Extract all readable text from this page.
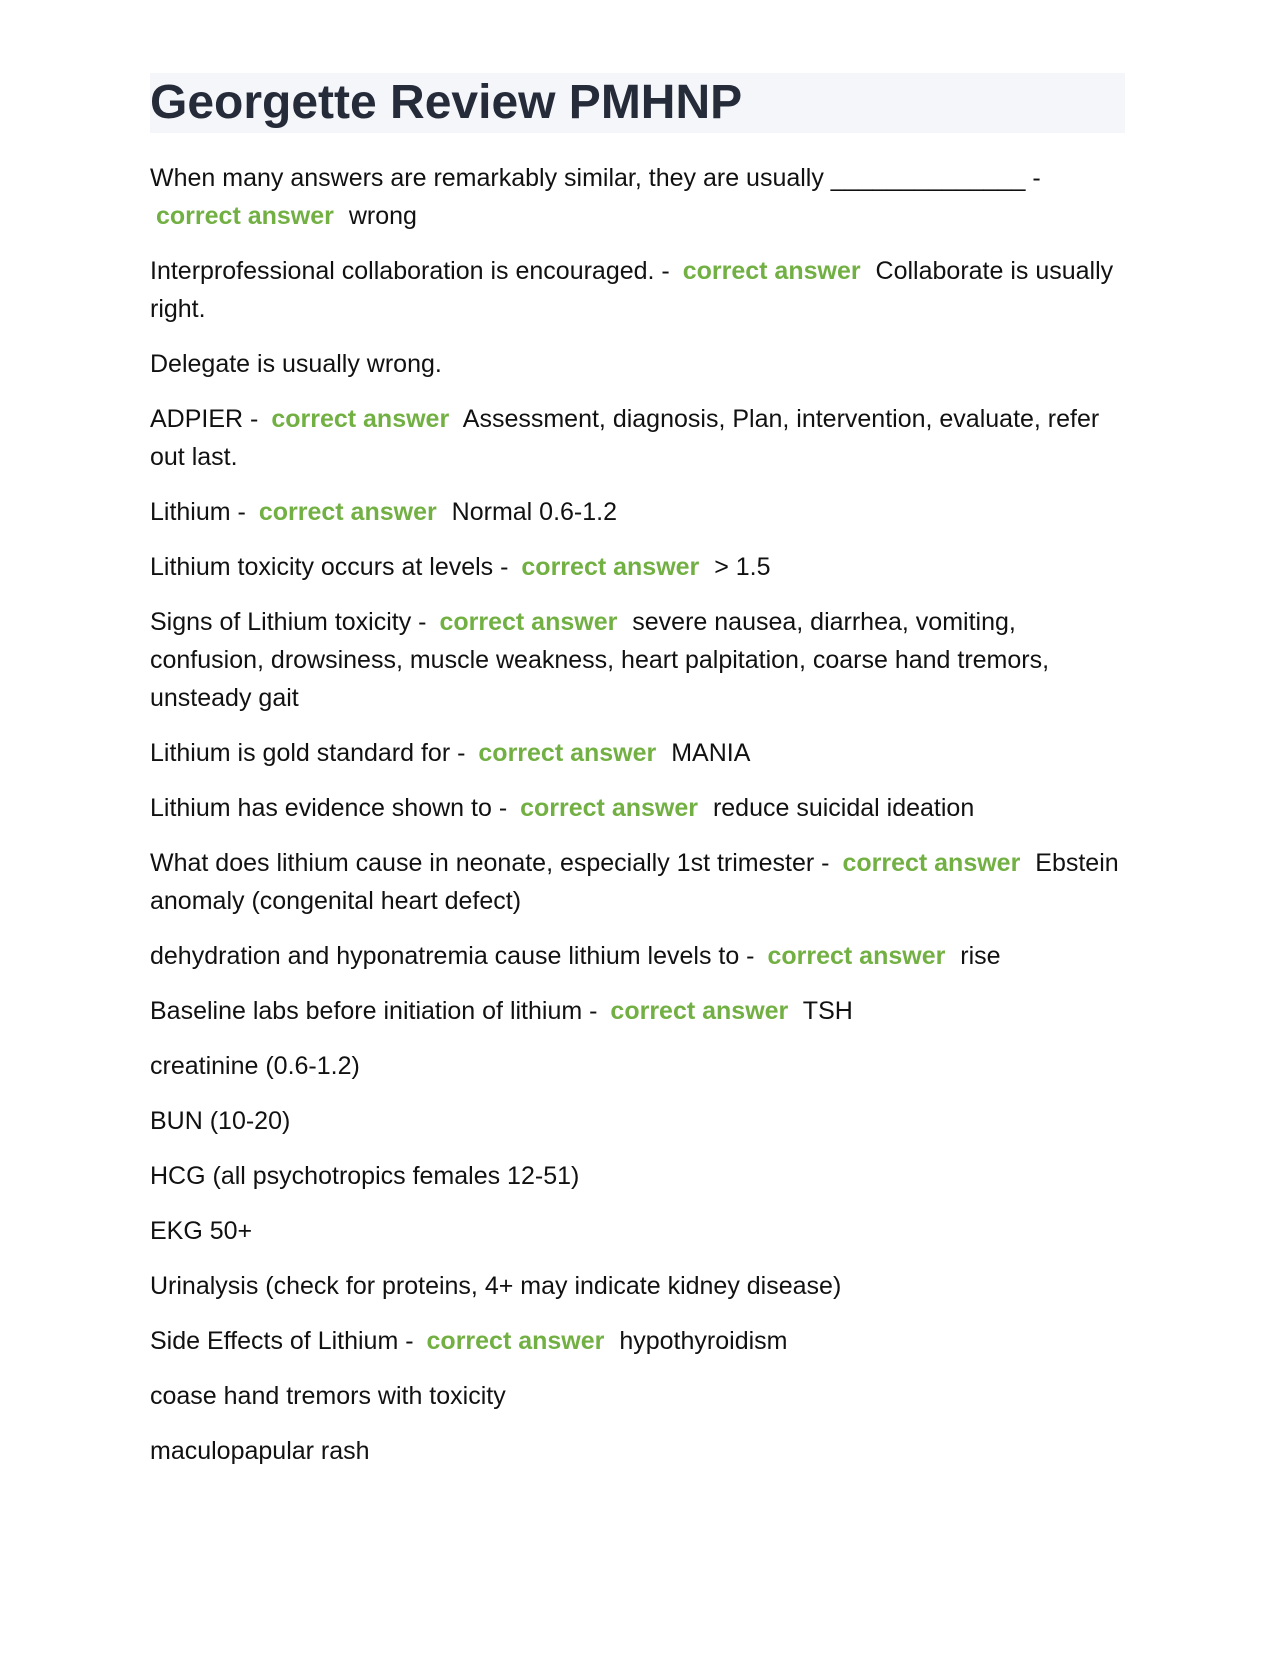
Georgette Review PMHNP

When many answers are remarkably similar, they are usually ______________ - correct answer wrong

Interprofessional collaboration is encouraged. - correct answer Collaborate is usually right.

Delegate is usually wrong.

ADPIER - correct answer Assessment, diagnosis, Plan, intervention, evaluate, refer out last.

Lithium - correct answer Normal 0.6-1.2

Lithium toxicity occurs at levels - correct answer > 1.5

Signs of Lithium toxicity - correct answer severe nausea, diarrhea, vomiting, confusion, drowsiness, muscle weakness, heart palpitation, coarse hand tremors, unsteady gait

Lithium is gold standard for - correct answer MANIA

Lithium has evidence shown to - correct answer reduce suicidal ideation

What does lithium cause in neonate, especially 1st trimester - correct answer Ebstein anomaly (congenital heart defect)

dehydration and hyponatremia cause lithium levels to - correct answer rise

Baseline labs before initiation of lithium - correct answer TSH

creatinine (0.6-1.2)

BUN (10-20)

HCG (all psychotropics females 12-51)

EKG 50+

Urinalysis (check for proteins, 4+ may indicate kidney disease)

Side Effects of Lithium - correct answer hypothyroidism

coase hand tremors with toxicity

maculopapular rash
